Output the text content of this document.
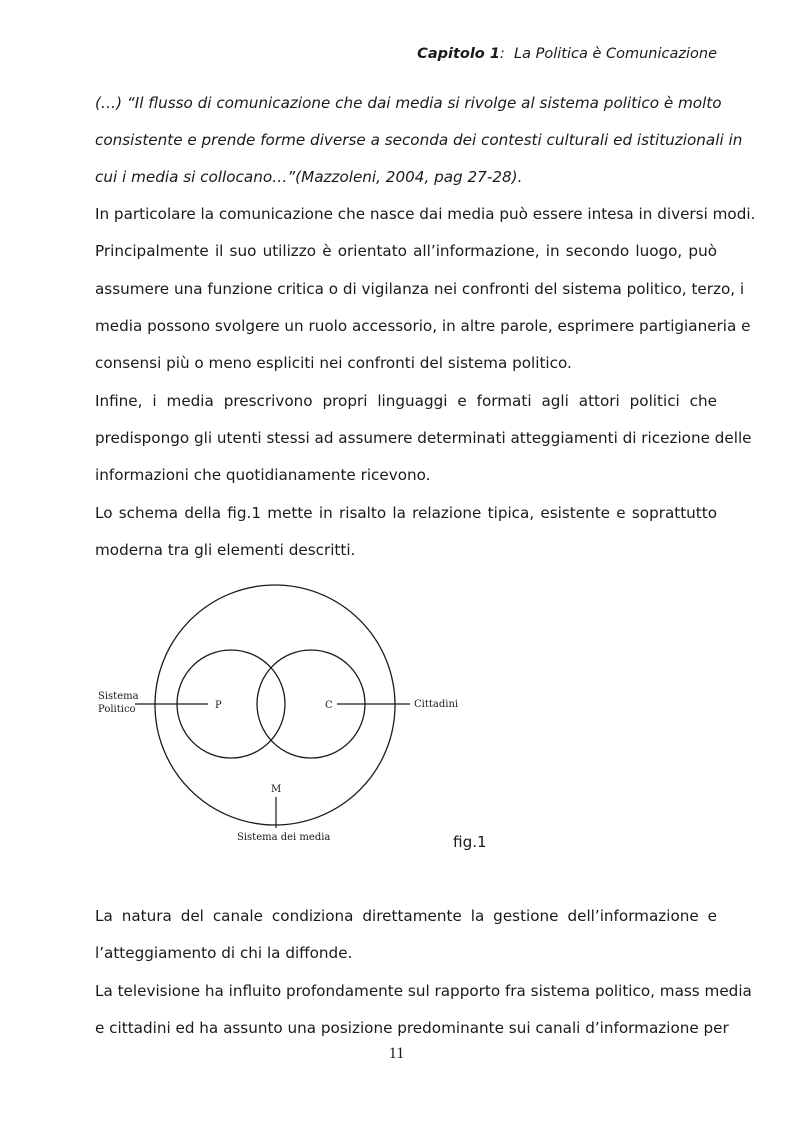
Capitolo 1: La Politica è Comunicazione
(…) “Il flusso di comunicazione che dai media si rivolge al sistema politico è molto
consistente e prende forme diverse a seconda dei contesti culturali ed istituzionali in
cui i media si collocano…”(Mazzoleni, 2004, pag 27-28).
In particolare la comunicazione che nasce dai media può essere intesa in diversi modi.
Principalmente il suo utilizzo è orientato all’informazione, in secondo luogo, può
assumere una funzione critica o di vigilanza nei confronti del sistema politico, terzo, i
media possono svolgere un ruolo accessorio, in altre parole, esprimere partigianeria e
consensi più o meno espliciti nei confronti del sistema politico.
Infine, i media prescrivono propri linguaggi e formati agli attori politici che
predispongo gli utenti stessi ad assumere determinati atteggiamenti di ricezione delle
informazioni che quotidianamente ricevono.
Lo schema della fig.1 mette in risalto la relazione tipica, esistente e soprattutto
moderna tra gli elementi descritti.
Sistema
Politico	P	C	Cittadini
M
Sistema dei media	fig.1
La natura del canale condiziona direttamente la gestione dell’informazione e
l’atteggiamento di chi la diffonde.
La televisione ha influito profondamente sul rapporto fra sistema politico, mass media
e cittadini ed ha assunto una posizione predominante sui canali d’informazione per
11
